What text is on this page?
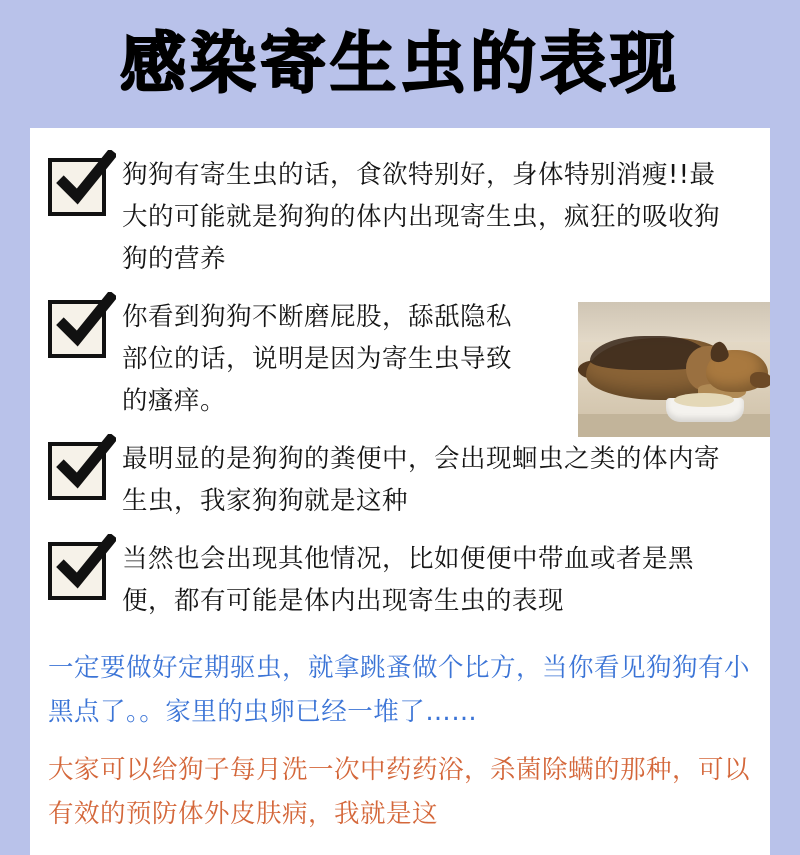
感染寄生虫的表现
狗狗有寄生虫的话，食欲特别好，身体特别消瘦!!最大的可能就是狗狗的体内出现寄生虫，疯狂的吸收狗狗的营养
你看到狗狗不断磨屁股，舔舐隐私部位的话，说明是因为寄生虫导致的瘙痒。
最明显的是狗狗的粪便中，会出现蛔虫之类的体内寄生虫，我家狗狗就是这种
当然也会出现其他情况，比如便便中带血或者是黑便，都有可能是体内出现寄生虫的表现
一定要做好定期驱虫，就拿跳蚤做个比方，当你看见狗狗有小黑点了。。家里的虫卵已经一堆了……
大家可以给狗子每月洗一次中药药浴，杀菌除螨的那种，可以有效的预防体外皮肤病，我就是这
